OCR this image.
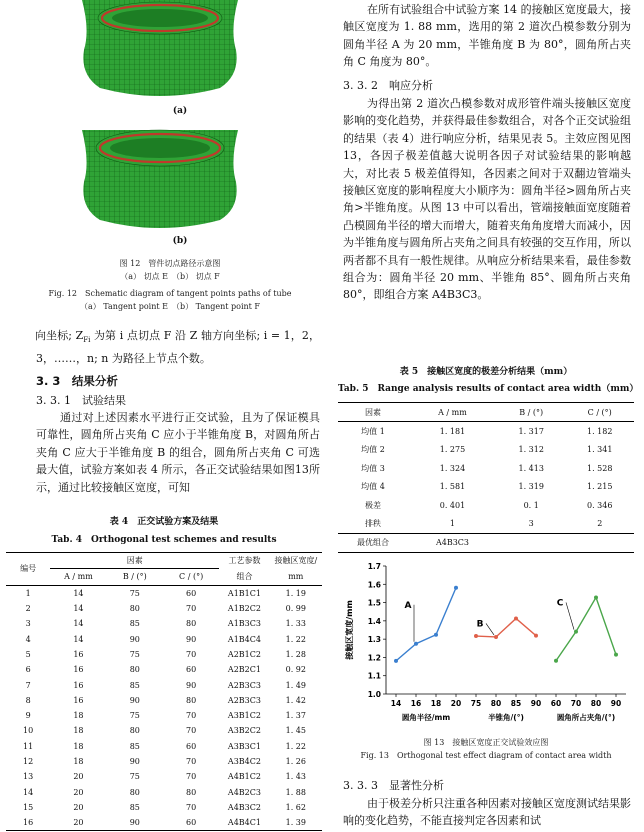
(a)
(b)
图 12　管件切点路径示意图
（a） 切点 E　（b） 切点 F
Fig. 12　Schematic diagram of tangent points paths of tube
（a） Tangent point E　（b） Tangent point F
向坐标; $Z_{Fi}$ 为第 i 点切点 F 沿 Z 轴方向坐标; i = 1，2，3，……，n; n 为路径上节点个数。
3. 3　结果分析
3. 3. 1　试验结果
通过对上述因素水平进行正交试验，且为了保证模具可靠性，圆角所占夹角 C 应小于半锥角度 B，对圆角所占夹角 C 应大于半锥角度 B 的组合，圆角所占夹角 C 可选最大值，试验方案如表 4 所示，各正交试验结果如图13所示，通过比较接触区宽度，可知
表 4　正交试验方案及结果
Tab. 4　Orthogonal test schemes and results
编号	因素			工艺参数	接触区宽度/
	A / mm	B / (°)	C / (°)	组合	mm
1	14	75	60	A1B1C1	1. 19
2	14	80	70	A1B2C2	0. 99
3	14	85	80	A1B3C3	1. 33
4	14	90	90	A1B4C4	1. 22
5	16	75	70	A2B1C2	1. 28
6	16	80	60	A2B2C1	0. 92
7	16	85	90	A2B3C3	1. 49
8	16	90	80	A2B3C3	1. 42
9	18	75	70	A3B1C2	1. 37
10	18	80	70	A3B2C2	1. 45
11	18	85	60	A3B3C1	1. 22
12	18	90	70	A3B4C2	1. 26
13	20	75	70	A4B1C2	1. 43
14	20	80	80	A4B2C3	1. 88
15	20	85	70	A4B3C2	1. 62
16	20	90	60	A4B4C1	1. 39
在所有试验组合中试验方案 14 的接触区宽度最大，接触区宽度为 1. 88 mm，选用的第 2 道次凸模参数分别为圆角半径 A 为 20 mm，半锥角度 B 为 80°，圆角所占夹角 C 角度为 80°。
3. 3. 2　响应分析
为得出第 2 道次凸模参数对成形管件端头接触区宽度影响的变化趋势，并获得最佳参数组合，对各个正交试验组的结果（表 4）进行响应分析，结果见表 5。主效应图见图 13，各因子极差值越大说明各因子对试验结果的影响越大，对比表 5 极差值得知，各因素之间对于双翻边管端头接触区宽度的影响程度大小顺序为：圆角半径>圆角所占夹角>半锥角度。从图 13 中可以看出，管端接触面宽度随着凸模圆角半径的增大而增大，随着夹角角度增大而减小，因为半锥角度与圆角所占夹角之间具有较强的交互作用，所以两者都不具有一般性规律。从响应分析结果来看，最佳参数组合为：圆角半径 20 mm、半锥角 85°、圆角所占夹角 80°，即组合方案 A4B3C3。
表 5　接触区宽度的极差分析结果（mm）
Tab. 5　Range analysis results of contact area width（mm）
因素	A / mm	B / (°)	C / (°)
均值 1	1. 181	1. 317	1. 182
均值 2	1. 275	1. 312	1. 341
均值 3	1. 324	1. 413	1. 528
均值 4	1. 581	1. 319	1. 215
极差	0. 401	0. 1	0. 346
排秩	1	3	2
最优组合	A4B3C3		
1.0
1.1
1.2
1.3
1.4
1.5
1.6
1.7
接触区宽度/mm
14 16 18 20
圆角半径/mm
A
75 80 85 90
半锥角/(°)
B
60 70 80 90
圆角所占夹角/(°)
C
图 13　接触区宽度正交试验效应图
Fig. 13　Orthogonal test effect diagram of contact area width
3. 3. 3　显著性分析
由于极差分析只注重各种因素对接触区宽度测试结果影响的变化趋势，不能直接判定各因素和试
